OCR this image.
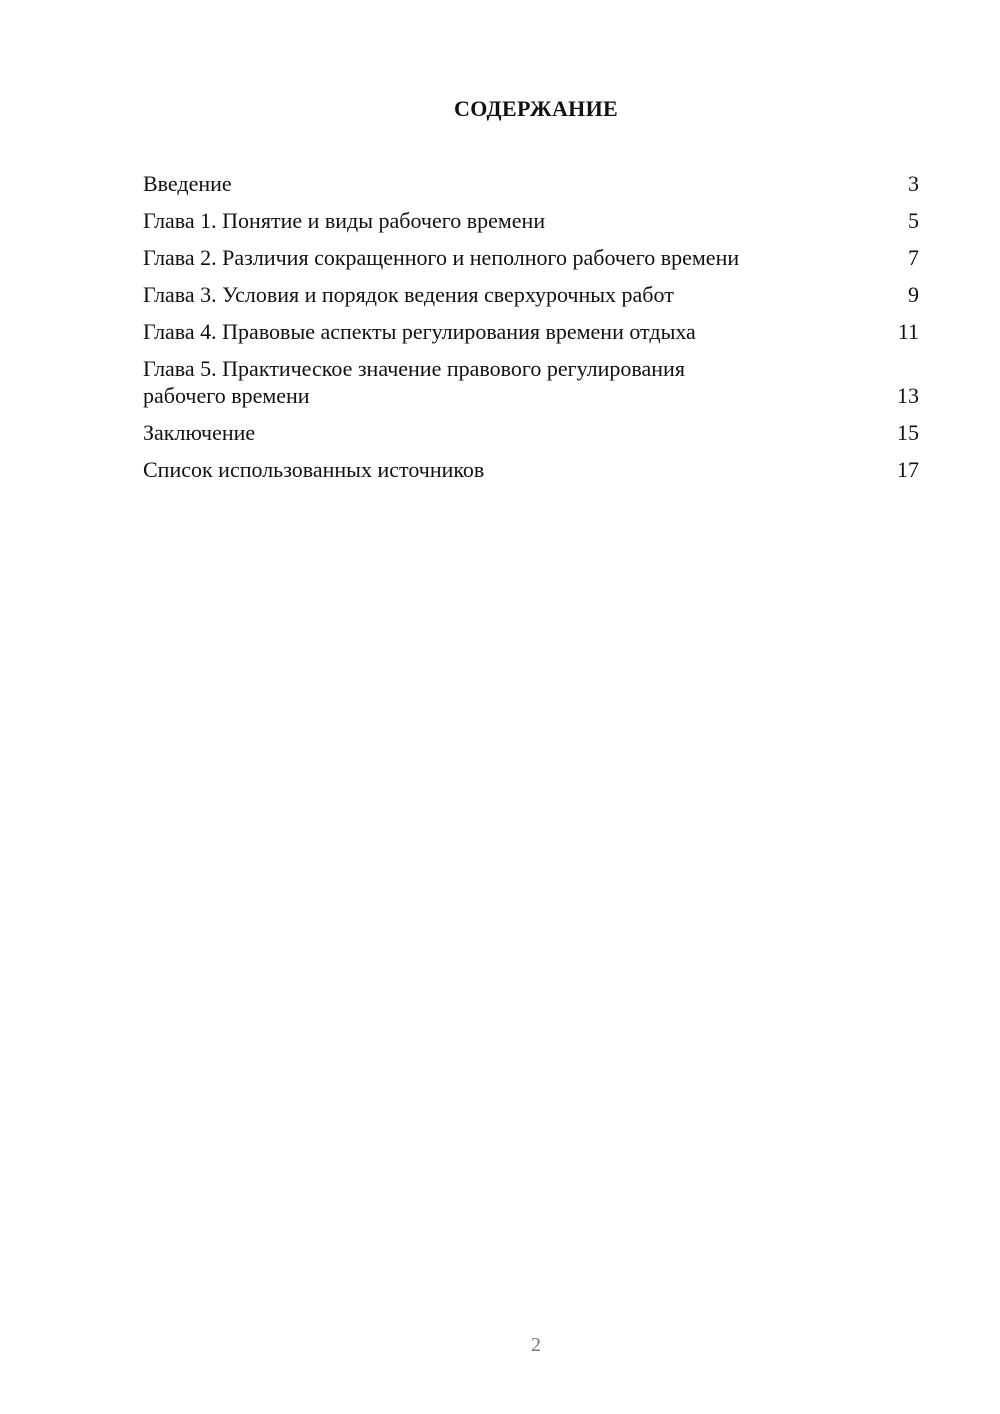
СОДЕРЖАНИЕ
Введение	3
Глава 1. Понятие и виды рабочего времени	5
Глава 2. Различия сокращенного и неполного рабочего времени	7
Глава 3. Условия и порядок ведения сверхурочных работ	9
Глава 4. Правовые аспекты регулирования времени отдыха	11
Глава 5. Практическое значение правового регулирования рабочего времени	13
Заключение	15
Список использованных источников	17
2
